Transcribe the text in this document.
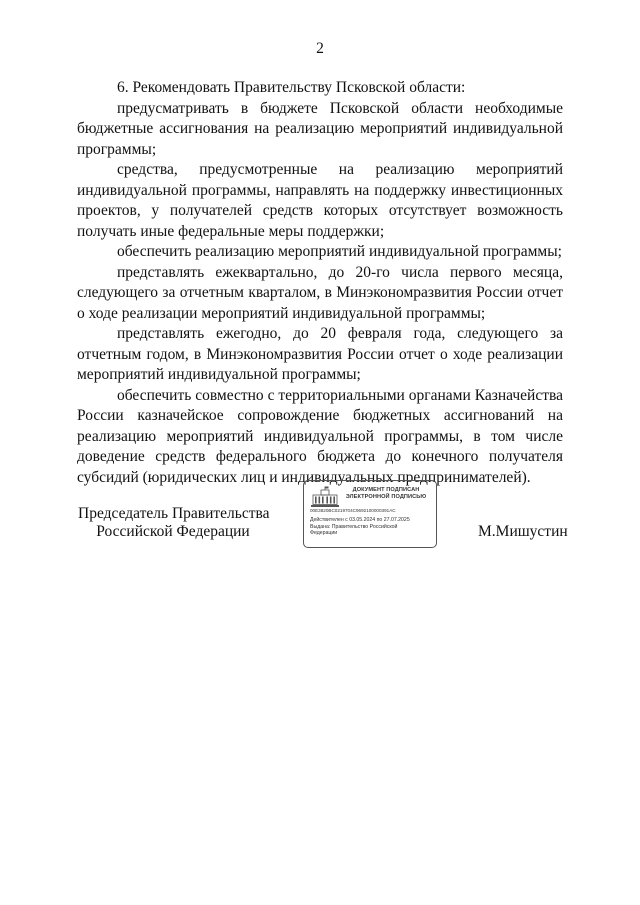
2

6. Рекомендовать Правительству Псковской области:

предусматривать в бюджете Псковской области необходимые бюджетные ассигнования на реализацию мероприятий индивидуальной программы;

средства, предусмотренные на реализацию мероприятий индивидуальной программы, направлять на поддержку инвестиционных проектов, у получателей средств которых отсутствует возможность получать иные федеральные меры поддержки;

обеспечить реализацию мероприятий индивидуальной программы;

представлять ежеквартально, до 20-го числа первого месяца, следующего за отчетным кварталом, в Минэкономразвития России отчет о ходе реализации мероприятий индивидуальной программы;

представлять ежегодно, до 20 февраля года, следующего за отчетным годом, в Минэкономразвития России отчет о ходе реализации мероприятий индивидуальной программы;

обеспечить совместно с территориальными органами Казначейства России казначейское сопровождение бюджетных ассигнований на реализацию мероприятий индивидуальной программы, в том числе доведение средств федерального бюджета до конечного получателя субсидий (юридических лиц и индивидуальных предпринимателей).

Председатель Правительства
Российской Федерации
ДОКУМЕНТ ПОДПИСАН
ЭЛЕКТРОННОЙ ПОДПИСЬЮ
00E3820BC0219704C9692100000391AC
Действителен с 03.05.2024 по 27.07.2025
Выдана: Правительство Российской
Федерации	М.Мишустин
